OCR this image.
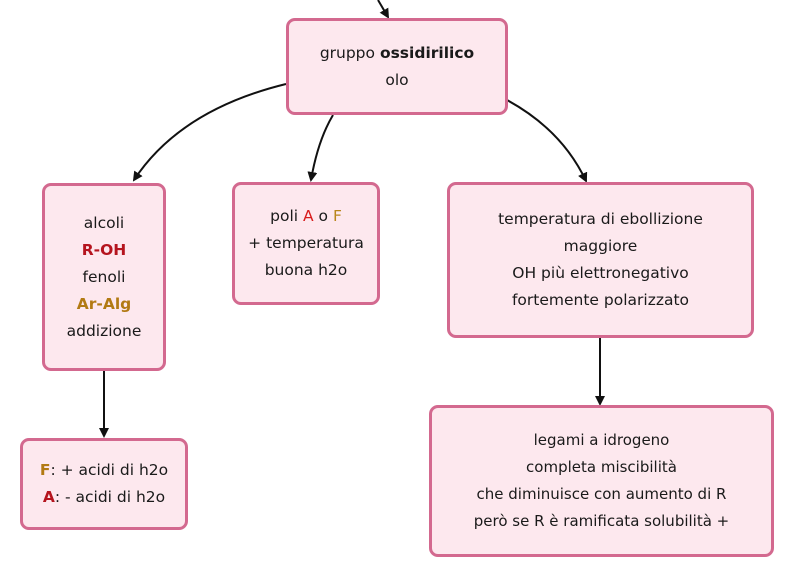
gruppo ossidirilico
olo
alcoli
R-OH
fenoli
Ar-Alg
addizione
poli A o F
+ temperatura
buona h2o
temperatura di ebollizione
maggiore
OH più elettronegativo
fortemente polarizzato
F: + acidi di h2o
A: - acidi di h2o
legami a idrogeno
completa miscibilità
che diminuisce con aumento di R
però se R è ramificata solubilità +
